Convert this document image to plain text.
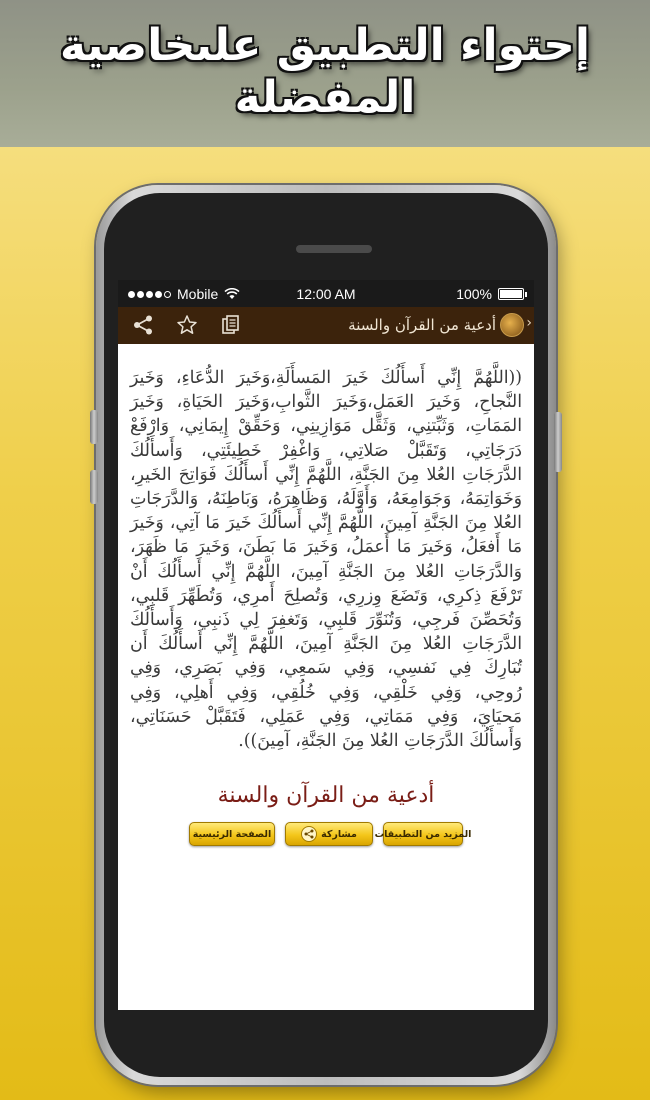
إحتواء التطبيق علىخاصية
المفضلة
Mobile	12:00 AM	100%
‹
أدعية من القرآن والسنة

((اللَّهُمَّ إِنِّي أَسأَلُكَ خَيرَ المَسأَلَةِ،وَخَيرَ الدُّعَاءِ، وَخَيرَ النَّجاحِ، وَخَيرَ العَمَلِ،وَخَيرَ الثَّوابِ،وَخَيرَ الحَيَاةِ، وَخَيرَ المَمَاتِ، وَثَبِّتنِي، وَثَقِّل مَوَازِينِي، وَحَقِّقْ إِيمَانِي، وَارْفَعْ دَرَجَاتِي، وَتَقَبَّلْ صَلاتِي، وَاغْفِرْ خَطِيئَتِي، وَأَسأَلُكَ الدَّرَجَاتِ العُلا مِنَ الجَنَّةِ، اللَّهُمَّ إِنِّي أَسأَلُكَ فَوَاتِحَ الخَيرِ، وَخَوَاتِمَهُ، وَجَوَامِعَهُ، وَأَوَّلَهُ، وَظَاهِرَهُ، وَبَاطِنَهُ، وَالدَّرَجَاتِ العُلا مِنَ الجَنَّةِ آمِينَ، اللَّهُمَّ إِنِّي أَسأَلُكَ خَيرَ مَا آتِي، وَخَيرَ مَا أَفعَلُ، وَخَيرَ مَا أَعمَلُ، وَخَيرَ مَا بَطَنَ، وَخَيرَ مَا ظَهَرَ، وَالدَّرَجَاتِ العُلا مِنَ الجَنَّةِ آمِينَ، اللَّهُمَّ إِنِّي أَسأَلُكَ أَنْ تَرْفَعَ ذِكرِي، وَتَضَعَ وِزرِي، وَتُصلِحَ أَمرِي، وَتُطَهِّرَ قَلبِي، وَتُحَصِّنَ فَرجِي، وَتُنَوِّرَ قَلبِي، وَتَغفِرَ لِي ذَنبِي، وَأَسأَلُكَ الدَّرَجَاتِ العُلا مِنَ الجَنَّةِ آمِينَ، اللَّهُمَّ إِنِّي أَسأَلُكَ أَن تُبَارِكَ فِي نَفسِي، وَفِي سَمعِي، وَفِي بَصَرِي، وَفِي رُوحِي، وَفِي خَلْقِي، وَفِي خُلُقِي، وَفِي أَهلِي، وَفِي مَحيَايَ، وَفِي مَمَاتِي، وَفِي عَمَلِي، فَتَقَبَّلْ حَسَنَاتِي، وَأَسأَلُكَ الدَّرَجَاتِ العُلا مِنَ الجَنَّةِ، آمِينَ)).

أدعية من القرآن والسنة
المزيد من التطبيقات
مشاركة
الصفحة الرئيسية
